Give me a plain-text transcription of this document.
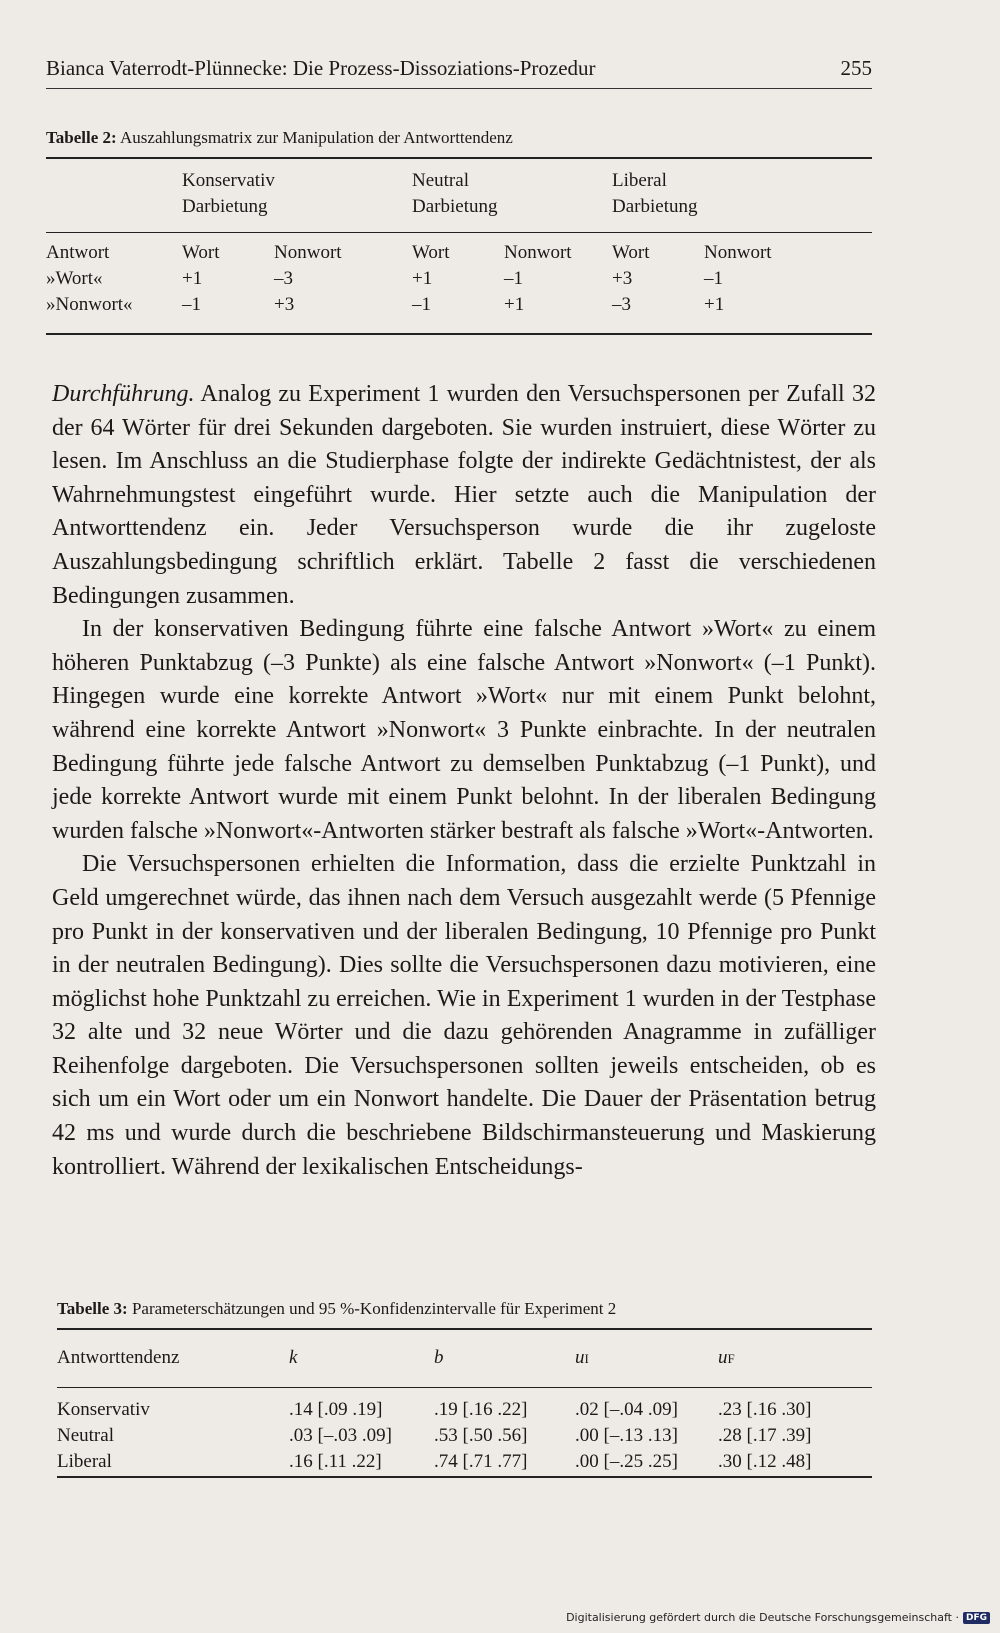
Bianca Vaterrodt-Plünnecke: Die Prozess-Dissoziations-Prozedur	255
Tabelle 2: Auszahlungsmatrix zur Manipulation der Antworttendenz
	Konservativ		Neutral		Liberal	
	Darbietung		Darbietung		Darbietung	

Antwort	Wort	Nonwort	Wort	Nonwort	Wort	Nonwort
»Wort«	+1	–3	+1	–1	+3	–1
»Nonwort«	–1	+3	–1	+1	–3	+1

Durchführung. Analog zu Experiment 1 wurden den Versuchspersonen per Zufall 32 der 64 Wörter für drei Sekunden dargeboten. Sie wurden instruiert, diese Wörter zu lesen. Im Anschluss an die Studierphase folgte der indirekte Gedächtnistest, der als Wahrnehmungstest eingeführt wurde. Hier setzte auch die Manipulation der Antworttendenz ein. Jeder Versuchsperson wurde die ihr zugeloste Auszahlungsbedingung schriftlich erklärt. Tabelle 2 fasst die verschiedenen Bedingungen zusammen.

In der konservativen Bedingung führte eine falsche Antwort »Wort« zu einem höheren Punktabzug (–3 Punkte) als eine falsche Antwort »Nonwort« (–1 Punkt). Hingegen wurde eine korrekte Antwort »Wort« nur mit einem Punkt belohnt, während eine korrekte Antwort »Nonwort« 3 Punkte einbrachte. In der neutralen Bedingung führte jede falsche Antwort zu demselben Punktabzug (–1 Punkt), und jede korrekte Antwort wurde mit einem Punkt belohnt. In der liberalen Bedingung wurden falsche »Nonwort«-Antworten stärker bestraft als falsche »Wort«-Antworten.

Die Versuchspersonen erhielten die Information, dass die erzielte Punktzahl in Geld umgerechnet würde, das ihnen nach dem Versuch ausgezahlt werde (5 Pfennige pro Punkt in der konservativen und der liberalen Bedingung, 10 Pfennige pro Punkt in der neutralen Bedingung). Dies sollte die Versuchspersonen dazu motivieren, eine möglichst hohe Punktzahl zu erreichen. Wie in Experiment 1 wurden in der Testphase 32 alte und 32 neue Wörter und die dazu gehörenden Anagramme in zufälliger Reihenfolge dargeboten. Die Versuchspersonen sollten jeweils entscheiden, ob es sich um ein Wort oder um ein Nonwort handelte. Die Dauer der Präsentation betrug 42 ms und wurde durch die beschriebene Bildschirmansteuerung und Maskierung kontrolliert. Während der lexikalischen Entscheidungs-

Tabelle 3: Parameterschätzungen und 95 %-Konfidenzintervalle für Experiment 2
Antworttendenz	k	b	uI	uF

Konservativ	.14 [.09 .19]	.19 [.16 .22]	.02 [–.04 .09]	.23 [.16 .30]
Neutral	.03 [–.03 .09]	.53 [.50 .56]	.00 [–.13 .13]	.28 [.17 .39]
Liberal	.16 [.11 .22]	.74 [.71 .77]	.00 [–.25 .25]	.30 [.12 .48]
Digitalisierung gefördert durch die Deutsche Forschungsgemeinschaft · DFG
